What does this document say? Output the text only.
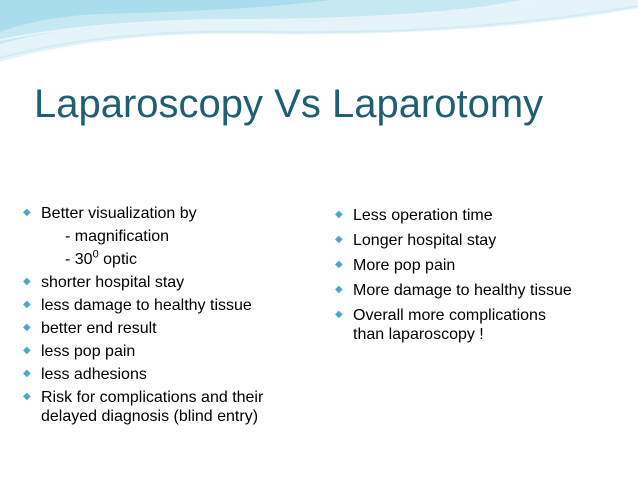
Laparoscopy Vs Laparotomy
◆ Better visualization by
- magnification
- $30^0$ optic
◆ shorter hospital stay
◆ less damage to healthy tissue
◆ better end result
◆ less pop pain
◆ less adhesions
◆ Risk for complications and their
delayed diagnosis (blind entry)
◆ Less operation time
◆ Longer hospital stay
◆ More pop pain
◆ More damage to healthy tissue
◆ Overall more complications
than laparoscopy !
